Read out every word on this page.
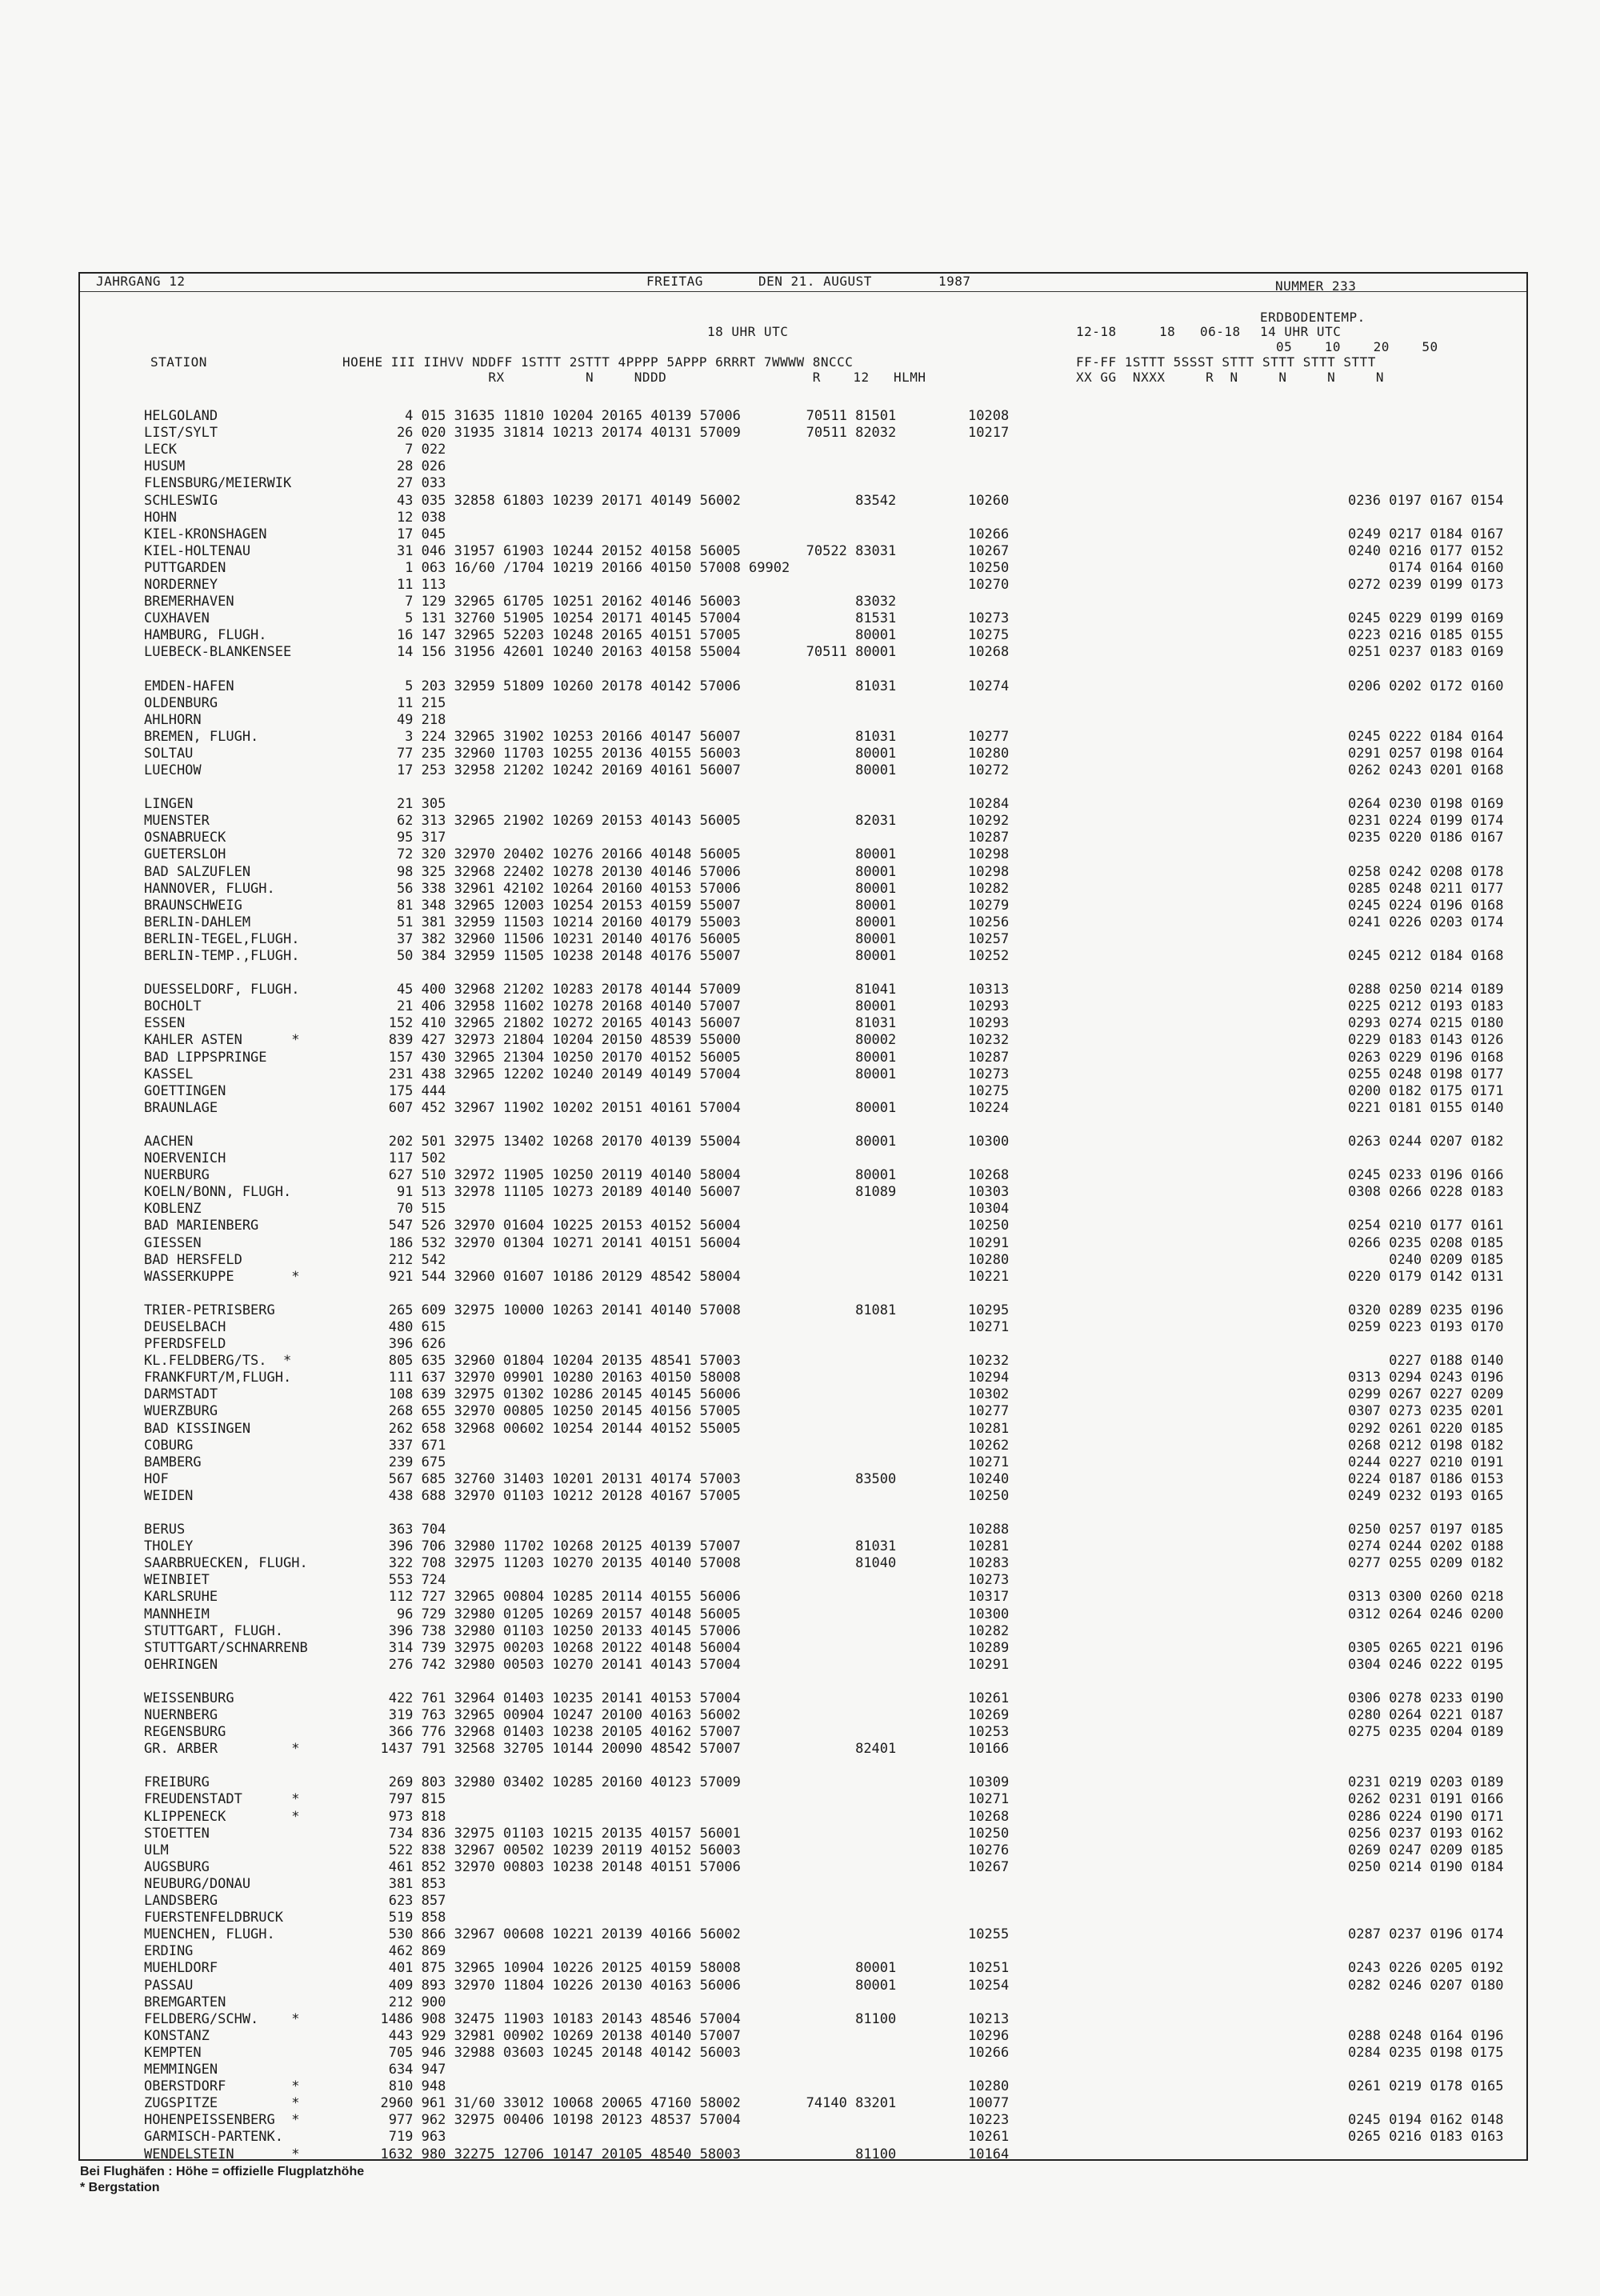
JAHRGANG 12	FREITAG	DEN 21. AUGUST	1987	NUMMER 233
ERDBODENTEMP.
18 UHR UTC	12-18	18 06-18 14 UHR UTC
05    10    20    50
STATION	HOEHE III IIHVV NDDFF 1STTT 2STTT 4PPPP 5APPP 6RRRT 7WWWW 8NCCC	FF-FF 1STTT 5SSST STTT STTT STTT STTT
RX          N     NDDD                  R    12   HLMH	XX GG  NXXX     R  N     N     N     N
HELGOLAND	4 015 31635 11810 10204 20165 40139 57006        70511 81501	10208
LIST/SYLT	26 020 31935 31814 10213 20174 40131 57009        70511 82032	10217
LECK	7 022
HUSUM	28 026
FLENSBURG/MEIERWIK	27 033
SCHLESWIG	43 035 32858 61803 10239 20171 40149 56002              83542	10260	0236 0197 0167 0154
HOHN	12 038
KIEL-KRONSHAGEN	17 045	10266	0249 0217 0184 0167
KIEL-HOLTENAU	31 046 31957 61903 10244 20152 40158 56005        70522 83031	10267	0240 0216 0177 0152
PUTTGARDEN	1 063 16/60 /1704 10219 20166 40150 57008 69902	10250	0174 0164 0160
NORDERNEY	11 113	10270	0272 0239 0199 0173
BREMERHAVEN	7 129 32965 61705 10251 20162 40146 56003              83032
CUXHAVEN	5 131 32760 51905 10254 20171 40145 57004              81531	10273	0245 0229 0199 0169
HAMBURG, FLUGH.	16 147 32965 52203 10248 20165 40151 57005              80001	10275	0223 0216 0185 0155
LUEBECK-BLANKENSEE	14 156 31956 42601 10240 20163 40158 55004        70511 80001	10268	0251 0237 0183 0169
EMDEN-HAFEN	5 203 32959 51809 10260 20178 40142 57006              81031	10274	0206 0202 0172 0160
OLDENBURG	11 215
AHLHORN	49 218
BREMEN, FLUGH.	3 224 32965 31902 10253 20166 40147 56007              81031	10277	0245 0222 0184 0164
SOLTAU	77 235 32960 11703 10255 20136 40155 56003              80001	10280	0291 0257 0198 0164
LUECHOW	17 253 32958 21202 10242 20169 40161 56007              80001	10272	0262 0243 0201 0168
LINGEN	21 305	10284	0264 0230 0198 0169
MUENSTER	62 313 32965 21902 10269 20153 40143 56005              82031	10292	0231 0224 0199 0174
OSNABRUECK	95 317	10287	0235 0220 0186 0167
GUETERSLOH	72 320 32970 20402 10276 20166 40148 56005              80001	10298
BAD SALZUFLEN	98 325 32968 22402 10278 20130 40146 57006              80001	10298	0258 0242 0208 0178
HANNOVER, FLUGH.	56 338 32961 42102 10264 20160 40153 57006              80001	10282	0285 0248 0211 0177
BRAUNSCHWEIG	81 348 32965 12003 10254 20153 40159 55007              80001	10279	0245 0224 0196 0168
BERLIN-DAHLEM	51 381 32959 11503 10214 20160 40179 55003              80001	10256	0241 0226 0203 0174
BERLIN-TEGEL,FLUGH.	37 382 32960 11506 10231 20140 40176 56005              80001	10257
BERLIN-TEMP.,FLUGH.	50 384 32959 11505 10238 20148 40176 55007              80001	10252	0245 0212 0184 0168
DUESSELDORF, FLUGH.	45 400 32968 21202 10283 20178 40144 57009              81041	10313	0288 0250 0214 0189
BOCHOLT	21 406 32958 11602 10278 20168 40140 57007              80001	10293	0225 0212 0193 0183
ESSEN	152 410 32965 21802 10272 20165 40143 56007              81031	10293	0293 0274 0215 0180
KAHLER ASTEN      *	839 427 32973 21804 10204 20150 48539 55000              80002	10232	0229 0183 0143 0126
BAD LIPPSPRINGE	157 430 32965 21304 10250 20170 40152 56005              80001	10287	0263 0229 0196 0168
KASSEL	231 438 32965 12202 10240 20149 40149 57004              80001	10273	0255 0248 0198 0177
GOETTINGEN	175 444	10275	0200 0182 0175 0171
BRAUNLAGE	607 452 32967 11902 10202 20151 40161 57004              80001	10224	0221 0181 0155 0140
AACHEN	202 501 32975 13402 10268 20170 40139 55004              80001	10300	0263 0244 0207 0182
NOERVENICH	117 502
NUERBURG	627 510 32972 11905 10250 20119 40140 58004              80001	10268	0245 0233 0196 0166
KOELN/BONN, FLUGH.	91 513 32978 11105 10273 20189 40140 56007              81089	10303	0308 0266 0228 0183
KOBLENZ	70 515	10304
BAD MARIENBERG	547 526 32970 01604 10225 20153 40152 56004	10250	0254 0210 0177 0161
GIESSEN	186 532 32970 01304 10271 20141 40151 56004	10291	0266 0235 0208 0185
BAD HERSFELD	212 542	10280	0240 0209 0185
WASSERKUPPE       *	921 544 32960 01607 10186 20129 48542 58004	10221	0220 0179 0142 0131
TRIER-PETRISBERG	265 609 32975 10000 10263 20141 40140 57008              81081	10295	0320 0289 0235 0196
DEUSELBACH	480 615	10271	0259 0223 0193 0170
PFERDSFELD	396 626
KL.FELDBERG/TS.  *	805 635 32960 01804 10204 20135 48541 57003	10232	0227 0188 0140
FRANKFURT/M,FLUGH.	111 637 32970 09901 10280 20163 40150 58008	10294	0313 0294 0243 0196
DARMSTADT	108 639 32975 01302 10286 20145 40145 56006	10302	0299 0267 0227 0209
WUERZBURG	268 655 32970 00805 10250 20145 40156 57005	10277	0307 0273 0235 0201
BAD KISSINGEN	262 658 32968 00602 10254 20144 40152 55005	10281	0292 0261 0220 0185
COBURG	337 671	10262	0268 0212 0198 0182
BAMBERG	239 675	10271	0244 0227 0210 0191
HOF	567 685 32760 31403 10201 20131 40174 57003              83500	10240	0224 0187 0186 0153
WEIDEN	438 688 32970 01103 10212 20128 40167 57005	10250	0249 0232 0193 0165
BERUS	363 704	10288	0250 0257 0197 0185
THOLEY	396 706 32980 11702 10268 20125 40139 57007              81031	10281	0274 0244 0202 0188
SAARBRUECKEN, FLUGH.	322 708 32975 11203 10270 20135 40140 57008              81040	10283	0277 0255 0209 0182
WEINBIET	553 724	10273
KARLSRUHE	112 727 32965 00804 10285 20114 40155 56006	10317	0313 0300 0260 0218
MANNHEIM	96 729 32980 01205 10269 20157 40148 56005	10300	0312 0264 0246 0200
STUTTGART, FLUGH.	396 738 32980 01103 10250 20133 40145 57006	10282
STUTTGART/SCHNARRENB	314 739 32975 00203 10268 20122 40148 56004	10289	0305 0265 0221 0196
OEHRINGEN	276 742 32980 00503 10270 20141 40143 57004	10291	0304 0246 0222 0195
WEISSENBURG	422 761 32964 01403 10235 20141 40153 57004	10261	0306 0278 0233 0190
NUERNBERG	319 763 32965 00904 10247 20100 40163 56002	10269	0280 0264 0221 0187
REGENSBURG	366 776 32968 01403 10238 20105 40162 57007	10253	0275 0235 0204 0189
GR. ARBER         *	1437 791 32568 32705 10144 20090 48542 57007              82401	10166
FREIBURG	269 803 32980 03402 10285 20160 40123 57009	10309	0231 0219 0203 0189
FREUDENSTADT      *	797 815	10271	0262 0231 0191 0166
KLIPPENECK        *	973 818	10268	0286 0224 0190 0171
STOETTEN	734 836 32975 01103 10215 20135 40157 56001	10250	0256 0237 0193 0162
ULM	522 838 32967 00502 10239 20119 40152 56003	10276	0269 0247 0209 0185
AUGSBURG	461 852 32970 00803 10238 20148 40151 57006	10267	0250 0214 0190 0184
NEUBURG/DONAU	381 853
LANDSBERG	623 857
FUERSTENFELDBRUCK	519 858
MUENCHEN, FLUGH.	530 866 32967 00608 10221 20139 40166 56002	10255	0287 0237 0196 0174
ERDING	462 869
MUEHLDORF	401 875 32965 10904 10226 20125 40159 58008              80001	10251	0243 0226 0205 0192
PASSAU	409 893 32970 11804 10226 20130 40163 56006              80001	10254	0282 0246 0207 0180
BREMGARTEN	212 900
FELDBERG/SCHW.    *	1486 908 32475 11903 10183 20143 48546 57004              81100	10213
KONSTANZ	443 929 32981 00902 10269 20138 40140 57007	10296	0288 0248 0164 0196
KEMPTEN	705 946 32988 03603 10245 20148 40142 56003	10266	0284 0235 0198 0175
MEMMINGEN	634 947
OBERSTDORF        *	810 948	10280	0261 0219 0178 0165
ZUGSPITZE         *	2960 961 31/60 33012 10068 20065 47160 58002        74140 83201	10077
HOHENPEISSENBERG  *	977 962 32975 00406 10198 20123 48537 57004	10223	0245 0194 0162 0148
GARMISCH-PARTENK.	719 963	10261	0265 0216 0183 0163
WENDELSTEIN       *	1632 980 32275 12706 10147 20105 48540 58003              81100	10164
Bei Flughäfen : Höhe = offizielle Flugplatzhöhe
* Bergstation
